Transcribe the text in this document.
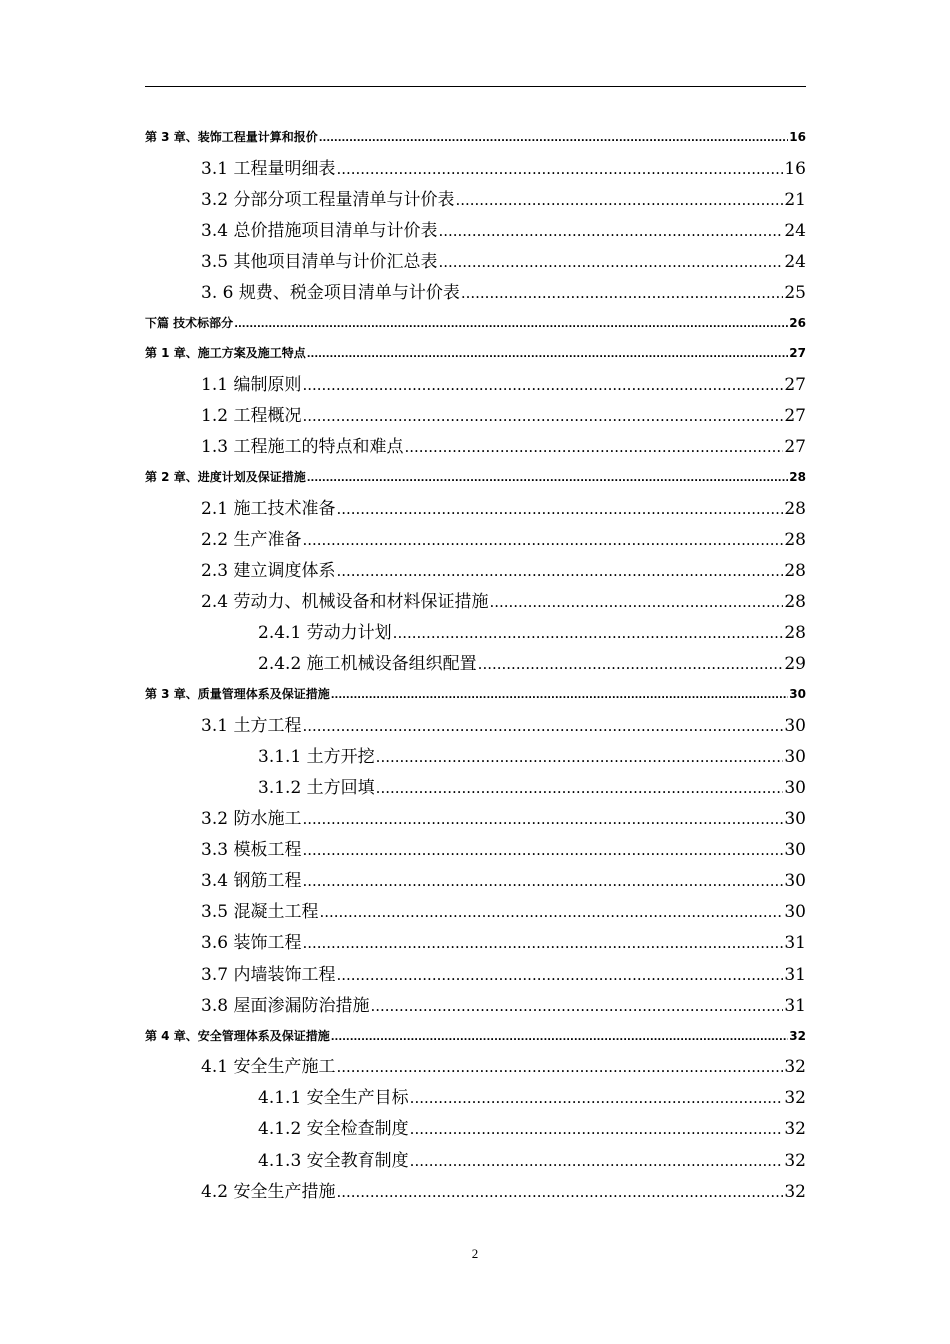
第 3 章、装饰工程量计算和报价 .....	16
3.1 工程量明细表 .....	16
3.2 分部分项工程量清单与计价表 .....	21
3.4 总价措施项目清单与计价表 .....	24
3.5 其他项目清单与计价汇总表 .....	24
3. 6 规费、税金项目清单与计价表 .....	25
下篇 技术标部分 .....	26
第 1 章、施工方案及施工特点 .....	27
1.1 编制原则 .....	27
1.2 工程概况 .....	27
1.3 工程施工的特点和难点 .....	27
第 2 章、进度计划及保证措施 .....	28
2.1 施工技术准备 .....	28
2.2 生产准备 .....	28
2.3 建立调度体系 .....	28
2.4 劳动力、机械设备和材料保证措施 .....	28
2.4.1 劳动力计划 .....	28
2.4.2 施工机械设备组织配置 .....	29
第 3 章、质量管理体系及保证措施 .....	30
3.1 土方工程 .....	30
3.1.1 土方开挖 .....	30
3.1.2 土方回填 .....	30
3.2 防水施工 .....	30
3.3 模板工程 .....	30
3.4 钢筋工程 .....	30
3.5 混凝土工程 .....	30
3.6 装饰工程 .....	31
3.7 内墙装饰工程 .....	31
3.8 屋面渗漏防治措施 .....	31
第 4 章、安全管理体系及保证措施 .....	32
4.1 安全生产施工 .....	32
4.1.1 安全生产目标 .....	32
4.1.2 安全检查制度 .....	32
4.1.3 安全教育制度 .....	32
4.2 安全生产措施 .....	32
2
